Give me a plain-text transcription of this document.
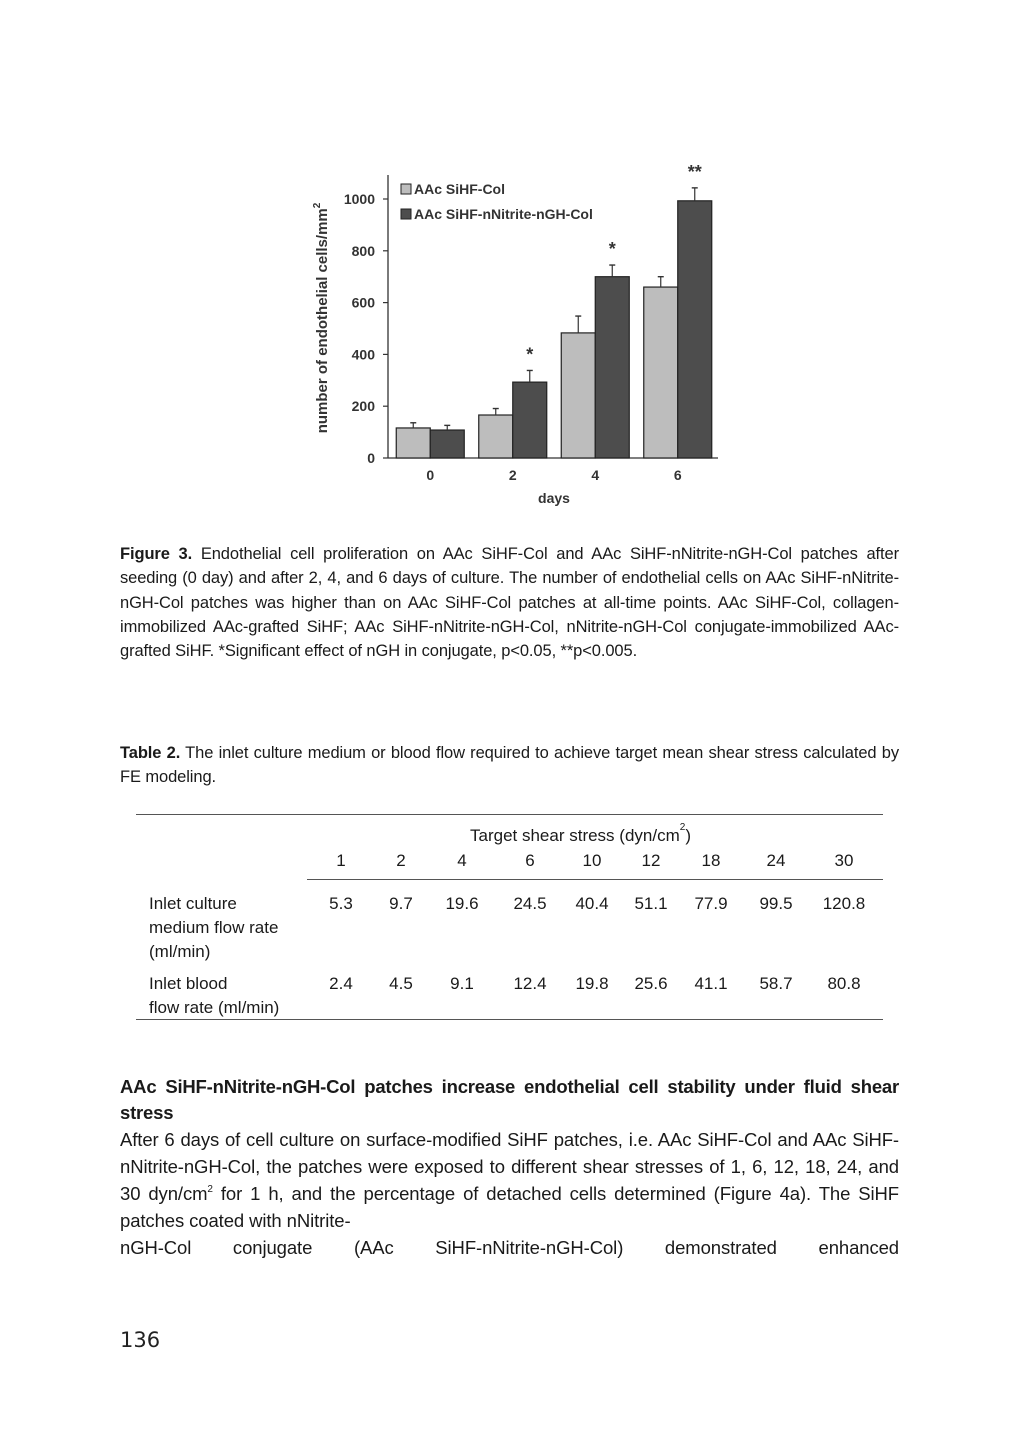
0
200
400
600
800
1000
number of endothelial cells/$mm^2$
days
0	2
*
4
*
6
**
AAc SiHF-Col
AAc SiHF-nNitrite-nGH-Col
Figure 3. Endothelial cell proliferation on AAc SiHF-Col and AAc SiHF-nNitrite-nGH-Col patches after seeding (0 day) and after 2, 4, and 6 days of culture. The number of endothelial cells on AAc SiHF-nNitrite-nGH-Col patches was higher than on AAc SiHF-Col patches at all-time points. AAc SiHF-Col, collagen-immobilized AAc-grafted SiHF; AAc SiHF-nNitrite-nGH-Col, nNitrite-nGH-Col conjugate-immobilized AAc-grafted SiHF. *Significant effect of nGH in conjugate, p<0.05, **p<0.005.
Table 2. The inlet culture medium or blood flow required to achieve target mean shear stress calculated by FE modeling.
Target shear stress $(dyn/cm^2)$
1	2	4	6	10	12	18	24	30
Inlet culture
medium flow rate
(ml/min)
5.3	9.7	19.6	24.5	40.4	51.1	77.9	99.5	120.8
Inlet blood
flow rate (ml/min)
2.4	4.5	9.1	12.4	19.8	25.6	41.1	58.7	80.8
AAc SiHF-nNitrite-nGH-Col patches increase endothelial cell stability under fluid shear stress
After 6 days of cell culture on surface-modified SiHF patches, i.e. AAc SiHF-Col and AAc SiHF-nNitrite-nGH-Col, the patches were exposed to different shear stresses of 1, 6, 12, 18, 24, and 30 dyn/$cm^2$ for 1 h, and the percentage of detached cells determined (Figure 4a). The SiHF patches coated with nNitrite-
nGH-Col conjugate (AAc SiHF-nNitrite-nGH-Col) demonstrated enhanced
136
